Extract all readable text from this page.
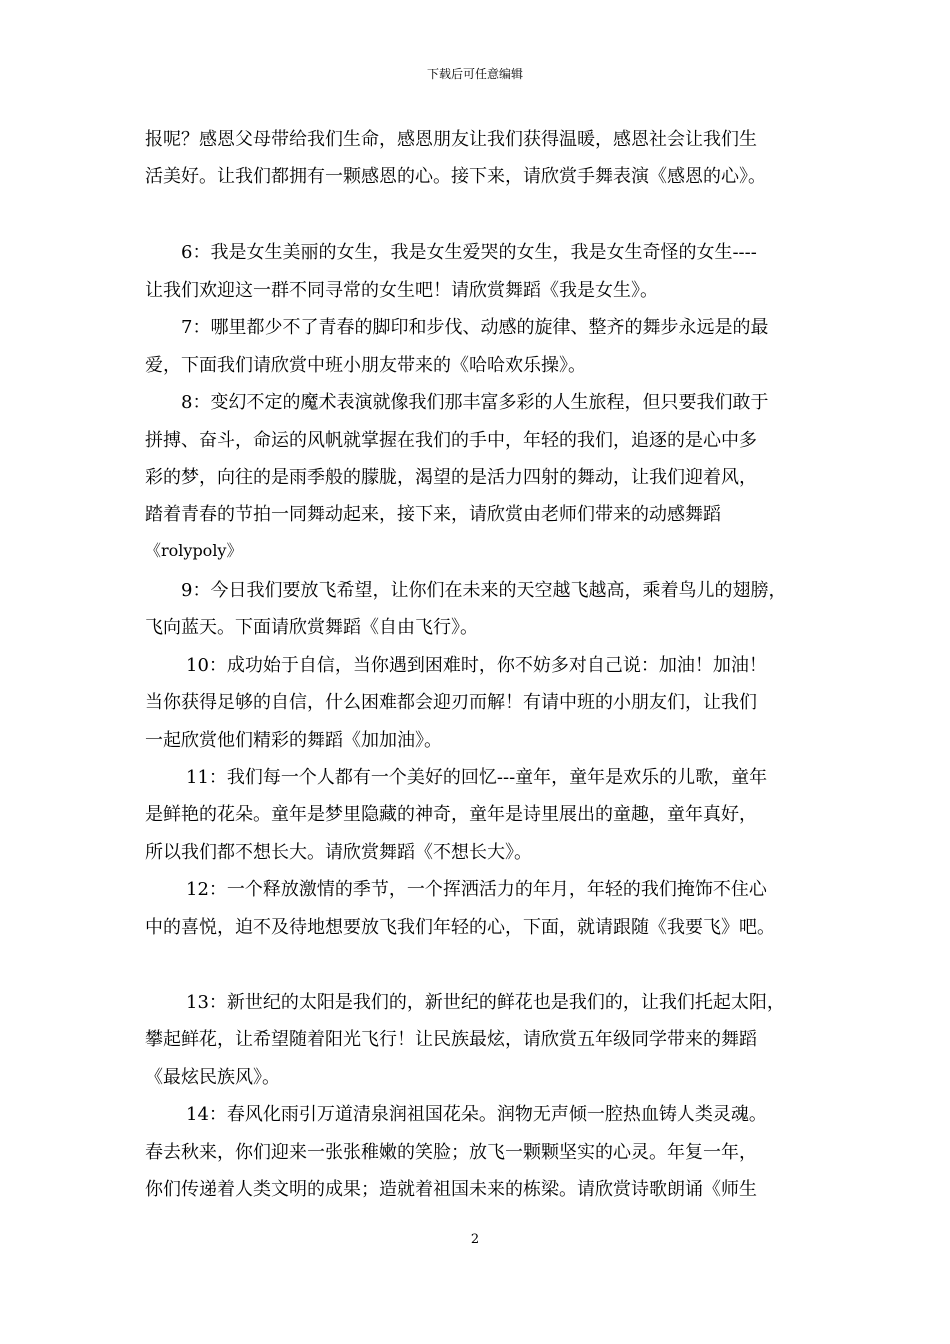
下载后可任意编辑
报呢？感恩父母带给我们生命，感恩朋友让我们获得温暖，感恩社会让我们生
活美好。让我们都拥有一颗感恩的心。接下来，请欣赏手舞表演《感恩的心》。
6：我是女生美丽的女生，我是女生爱哭的女生，我是女生奇怪的女生----
让我们欢迎这一群不同寻常的女生吧！请欣赏舞蹈《我是女生》。
7：哪里都少不了青春的脚印和步伐、动感的旋律、整齐的舞步永远是的最
爱，下面我们请欣赏中班小朋友带来的《哈哈欢乐操》。
8：变幻不定的魔术表演就像我们那丰富多彩的人生旅程，但只要我们敢于
拼搏、奋斗，命运的风帆就掌握在我们的手中，年轻的我们，追逐的是心中多
彩的梦，向往的是雨季般的朦胧，渴望的是活力四射的舞动，让我们迎着风，
踏着青春的节拍一同舞动起来，接下来，请欣赏由老师们带来的动感舞蹈
《rolypoly》
9：今日我们要放飞希望，让你们在未来的天空越飞越高，乘着鸟儿的翅膀，
飞向蓝天。下面请欣赏舞蹈《自由飞行》。
10：成功始于自信，当你遇到困难时，你不妨多对自己说：加油！加油！
当你获得足够的自信，什么困难都会迎刃而解！有请中班的小朋友们，让我们
一起欣赏他们精彩的舞蹈《加加油》。
11：我们每一个人都有一个美好的回忆---童年，童年是欢乐的儿歌，童年
是鲜艳的花朵。童年是梦里隐藏的神奇，童年是诗里展出的童趣，童年真好，
所以我们都不想长大。请欣赏舞蹈《不想长大》。
12：一个释放激情的季节，一个挥洒活力的年月，年轻的我们掩饰不住心
中的喜悦，迫不及待地想要放飞我们年轻的心，下面，就请跟随《我要飞》吧。
13：新世纪的太阳是我们的，新世纪的鲜花也是我们的，让我们托起太阳，
攀起鲜花，让希望随着阳光飞行！让民族最炫，请欣赏五年级同学带来的舞蹈
《最炫民族风》。
14：春风化雨引万道清泉润祖国花朵。润物无声倾一腔热血铸人类灵魂。
春去秋来，你们迎来一张张稚嫩的笑脸；放飞一颗颗坚实的心灵。年复一年，
你们传递着人类文明的成果；造就着祖国未来的栋梁。请欣赏诗歌朗诵《师生
2
